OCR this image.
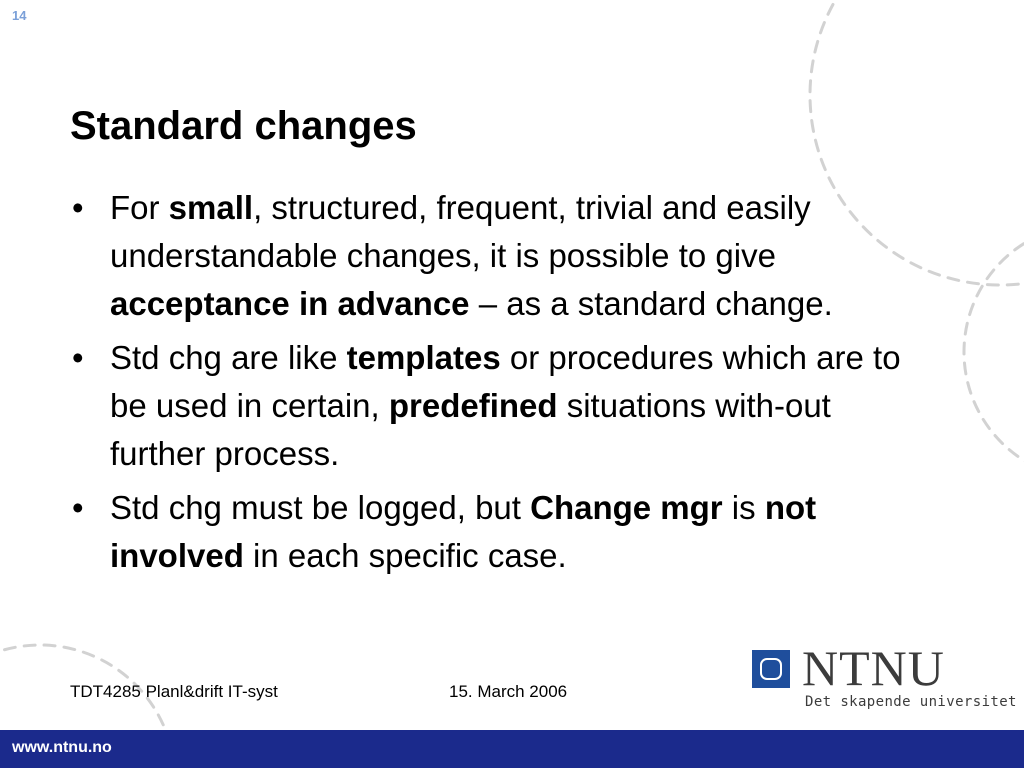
14
Standard changes
• For small, structured, frequent, trivial and easily understandable changes, it is possible to give acceptance in advance – as a standard change.
• Std chg are like templates or procedures which are to be used in certain, predefined situations with-out further process.
• Std chg must be logged, but Change mgr is not involved in each specific case.
TDT4285 Planl&drift IT-syst	15. March 2006	NTNU
Det skapende universitet
www.ntnu.no
